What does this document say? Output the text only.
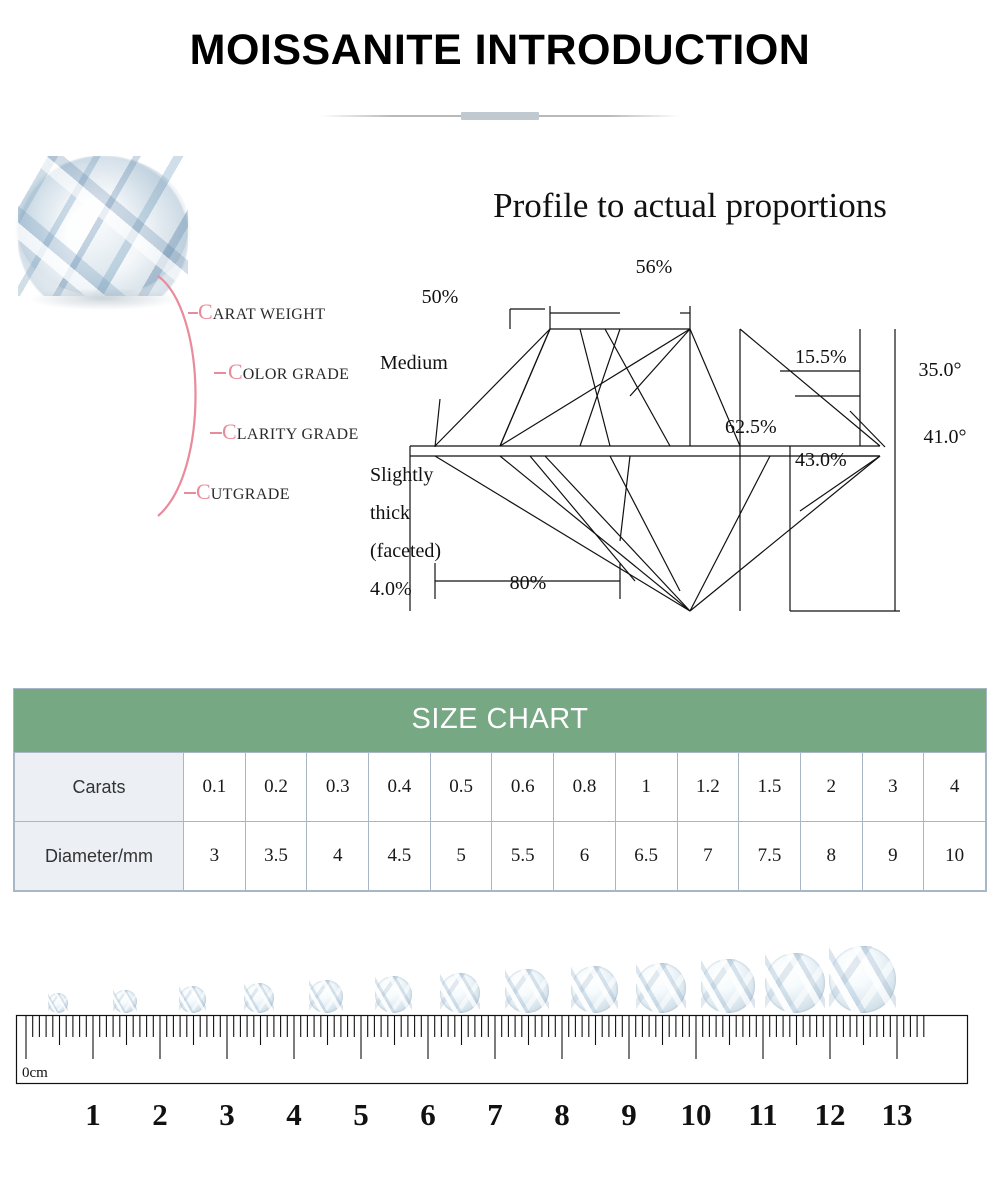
MOISSANITE INTRODUCTION
CARAT WEIGHT
COLOR GRADE
CLARITY GRADE
CUTGRADE
Profile to actual proportions
56%
50%
Medium	15.5%
35.0°
62.5%	41.0°
43.0%
Slightly
thick
(faceted)
4.0%	80%
SIZE CHART
Carats	0.1	0.2	0.3	0.4	0.5	0.6	0.8	1	1.2	1.5	2	3	4
Diameter/mm	3	3.5	4	4.5	5	5.5	6	6.5	7	7.5	8	9	10
0cm
1 2 3 4 5 6 7 8 9 10 11 12 13
